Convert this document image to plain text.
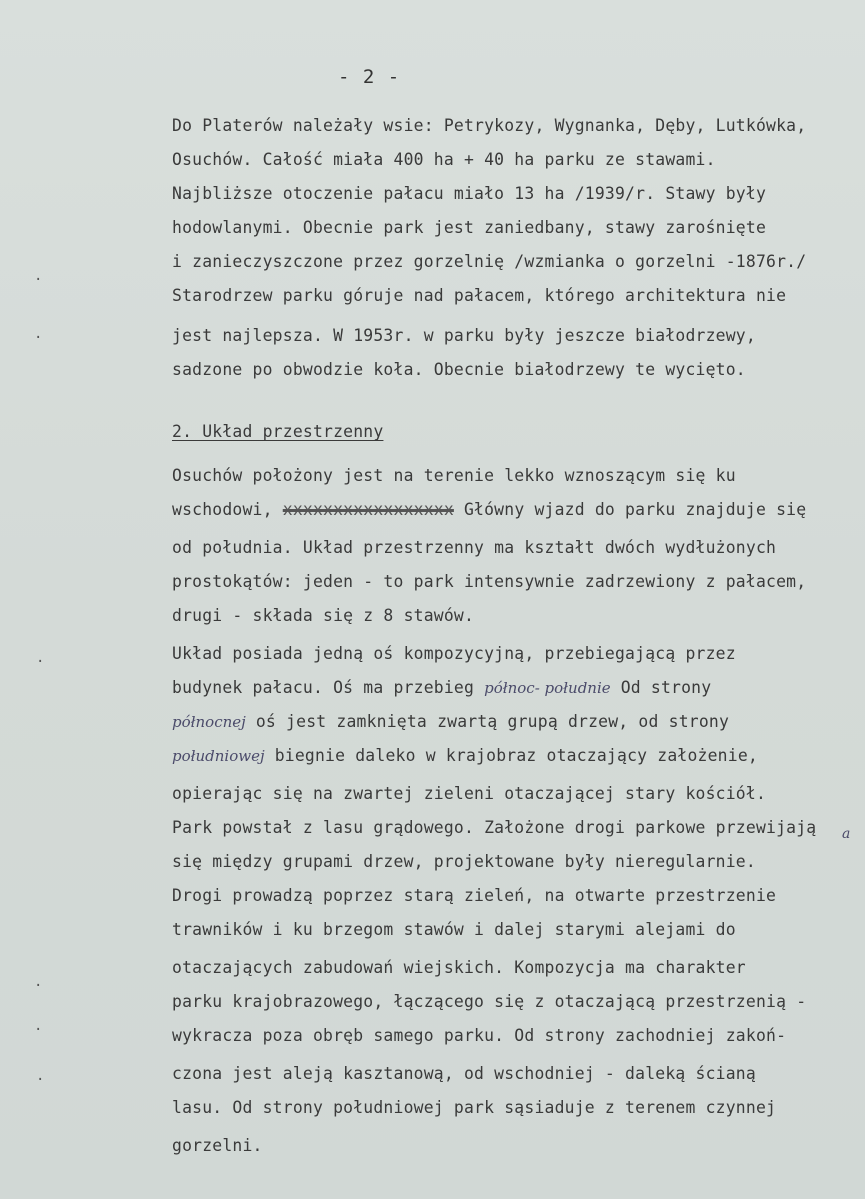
- 2 -
Do Platerów należały wsie: Petrykozy, Wygnanka, Dęby, Lutkówka,
Osuchów. Całość miała 400 ha + 40 ha parku ze stawami.
Najbliższe otoczenie pałacu miało 13 ha /1939/r. Stawy były
hodowlanymi. Obecnie park jest zaniedbany, stawy zarośnięte
i zanieczyszczone przez gorzelnię /wzmianka o gorzelni -1876r./
Starodrzew parku góruje nad pałacem, którego architektura nie
jest najlepsza. W 1953r. w parku były jeszcze białodrzewy,
sadzone po obwodzie koła. Obecnie białodrzewy te wycięto.
2. Układ przestrzenny
Osuchów położony jest na terenie lekko wznoszącym się ku
wschodowi, xxxxxxxxxxxxxxxxx Główny wjazd do parku znajduje się
od południa. Układ przestrzenny ma kształt dwóch wydłużonych
prostokątów: jeden - to park intensywnie zadrzewiony z pałacem,
drugi - składa się z 8 stawów.
Układ posiada jedną oś kompozycyjną, przebiegającą przez
budynek pałacu. Oś ma przebieg północ- południe Od strony
północnej oś jest zamknięta zwartą grupą drzew, od strony
południowej biegnie daleko w krajobraz otaczający założenie,
opierając się na zwartej zieleni otaczającej stary kościół.
Park powstał z lasu grądowego. Założone drogi parkowe przewijają
się między grupami drzew, projektowane były nieregularnie.
Drogi prowadzą poprzez starą zieleń, na otwarte przestrzenie
trawników i ku brzegom stawów i dalej starymi alejami do
otaczających zabudowań wiejskich. Kompozycja ma charakter
parku krajobrazowego, łączącego się z otaczającą przestrzenią -
wykracza poza obręb samego parku. Od strony zachodniej zakoń-
czona jest aleją kasztanową, od wschodniej - daleką ścianą
lasu. Od strony południowej park sąsiaduje z terenem czynnej
gorzelni.
a
·
·
·
·
·
·
